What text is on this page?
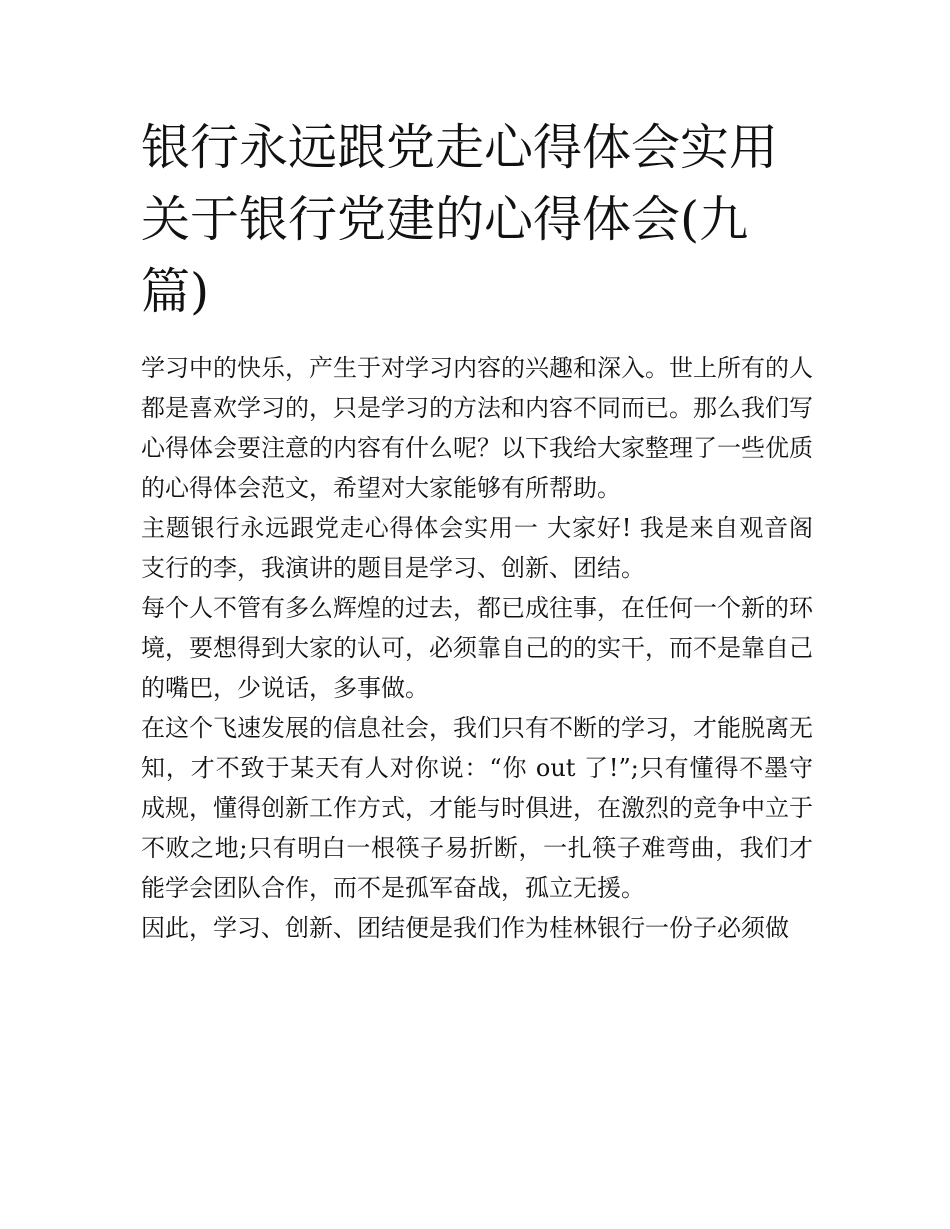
银行永远跟党走心得体会实用关于银行党建的心得体会(九篇)

学习中的快乐，产生于对学习内容的兴趣和深入。世上所有的人都是喜欢学习的，只是学习的方法和内容不同而已。那么我们写心得体会要注意的内容有什么呢？以下我给大家整理了一些优质的心得体会范文，希望对大家能够有所帮助。

主题银行永远跟党走心得体会实用一 大家好! 我是来自观音阁支行的李，我演讲的题目是学习、创新、团结。

每个人不管有多么辉煌的过去，都已成往事，在任何一个新的环境，要想得到大家的认可，必须靠自己的的实干，而不是靠自己的嘴巴，少说话，多事做。

在这个飞速发展的信息社会，我们只有不断的学习，才能脱离无知，才不致于某天有人对你说：“你 out 了!”;只有懂得不墨守成规，懂得创新工作方式，才能与时俱进，在激烈的竞争中立于不败之地;只有明白一根筷子易折断，一扎筷子难弯曲，我们才能学会团队合作，而不是孤军奋战，孤立无援。

因此，学习、创新、团结便是我们作为桂林银行一份子必须做
